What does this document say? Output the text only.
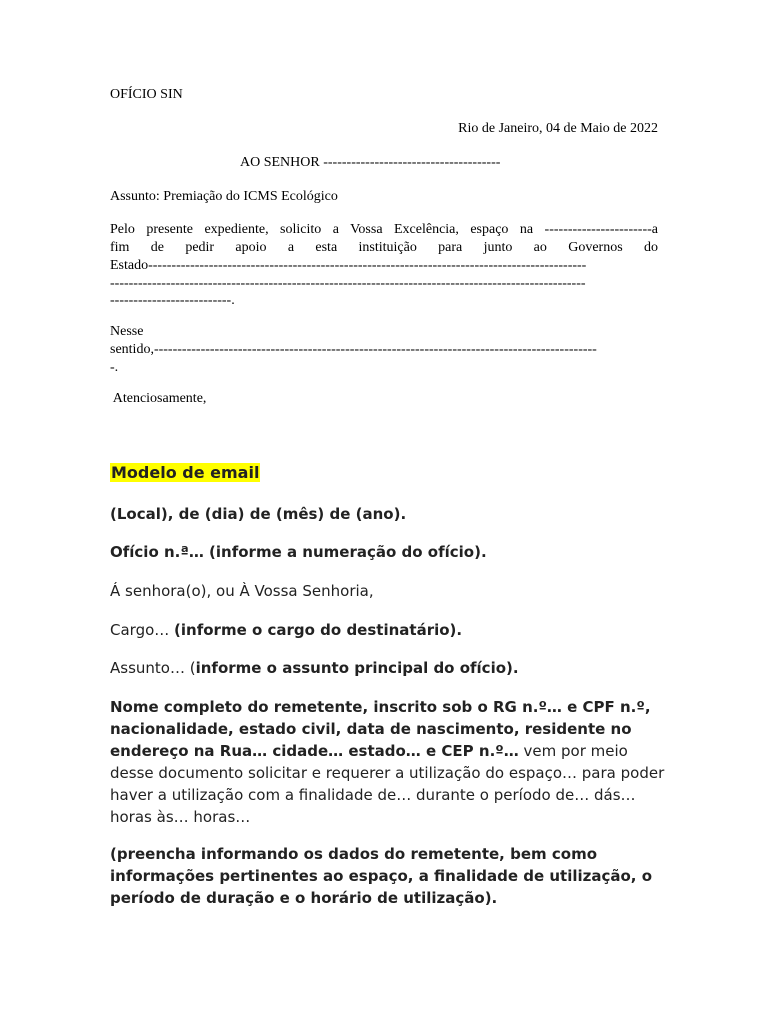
OFÍCIO SIN
Rio de Janeiro, 04 de Maio de 2022
AO SENHOR --------------------------------------
Assunto: Premiação do ICMS Ecológico
Pelo presente expediente, solicito a Vossa Excelência, espaço na -----------------------a
fim de pedir apoio a esta instituição para junto ao Governos do
Estado----------------------------------------------------------------------------------------------
------------------------------------------------------------------------------------------------------
--------------------------.
Nesse
sentido,-----------------------------------------------------------------------------------------------
-.
Atenciosamente,
Modelo de email
(Local), de (dia) de (mês) de (ano).
Ofício n.ª… (informe a numeração do ofício).
Á senhora(o), ou À Vossa Senhoria,
Cargo… (informe o cargo do destinatário).
Assunto… (informe o assunto principal do ofício).
Nome completo do remetente, inscrito sob o RG n.º… e CPF n.º, nacionalidade, estado civil, data de nascimento, residente no endereço na Rua… cidade… estado… e CEP n.º… vem por meio desse documento solicitar e requerer a utilização do espaço… para poder haver a utilização com a finalidade de… durante o período de… dás… horas às… horas…
(preencha informando os dados do remetente, bem como informações pertinentes ao espaço, a finalidade de utilização, o período de duração e o horário de utilização).
